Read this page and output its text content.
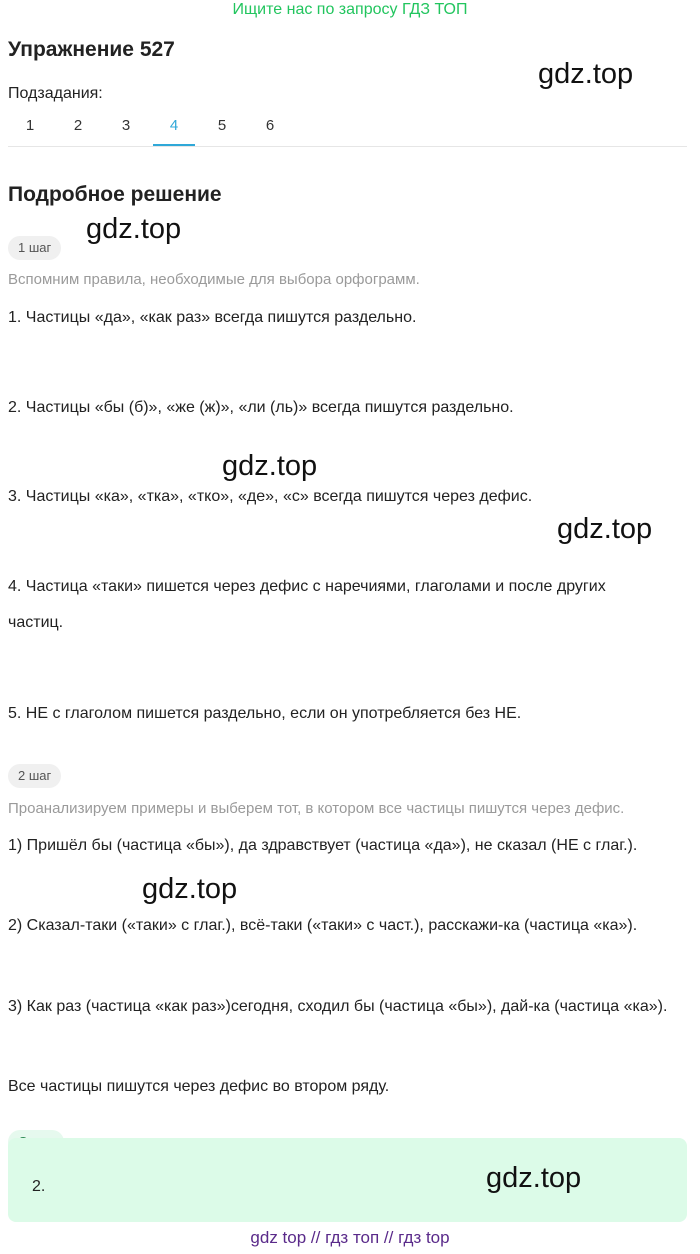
Ищите нас по запросу ГДЗ ТОП
Упражнение 527
gdz.top
Подзадания:
1	2	3	4	5	6
Подробное решение
gdz.top
1 шаг
Вспомним правила, необходимые для выбора орфограмм.
1. Частицы «да», «как раз» всегда пишутся раздельно.
2. Частицы «бы (б)», «же (ж)», «ли (ль)» всегда пишутся раздельно.
gdz.top
3. Частицы «ка», «тка», «тко», «де», «с» всегда пишутся через дефис.
gdz.top
4. Частица «таки» пишется через дефис с наречиями, глаголами и после других частиц.
5. НЕ с глаголом пишется раздельно, если он употребляется без НЕ.
2 шаг
Проанализируем примеры и выберем тот, в котором все частицы пишутся через дефис.
1) Пришёл бы (частица «бы»), да здравствует (частица «да»), не сказал (НЕ с глаг.).
gdz.top
2) Сказал-таки («таки» с глаг.), всё-таки («таки» с част.), расскажи-ка (частица «ка»).
3) Как раз (частица «как раз»)сегодня, сходил бы (частица «бы»), дай-ка (частица «ка»).
Все частицы пишутся через дефис во втором ряду.
2.	gdz.top
gdz top // гдз топ // гдз top
